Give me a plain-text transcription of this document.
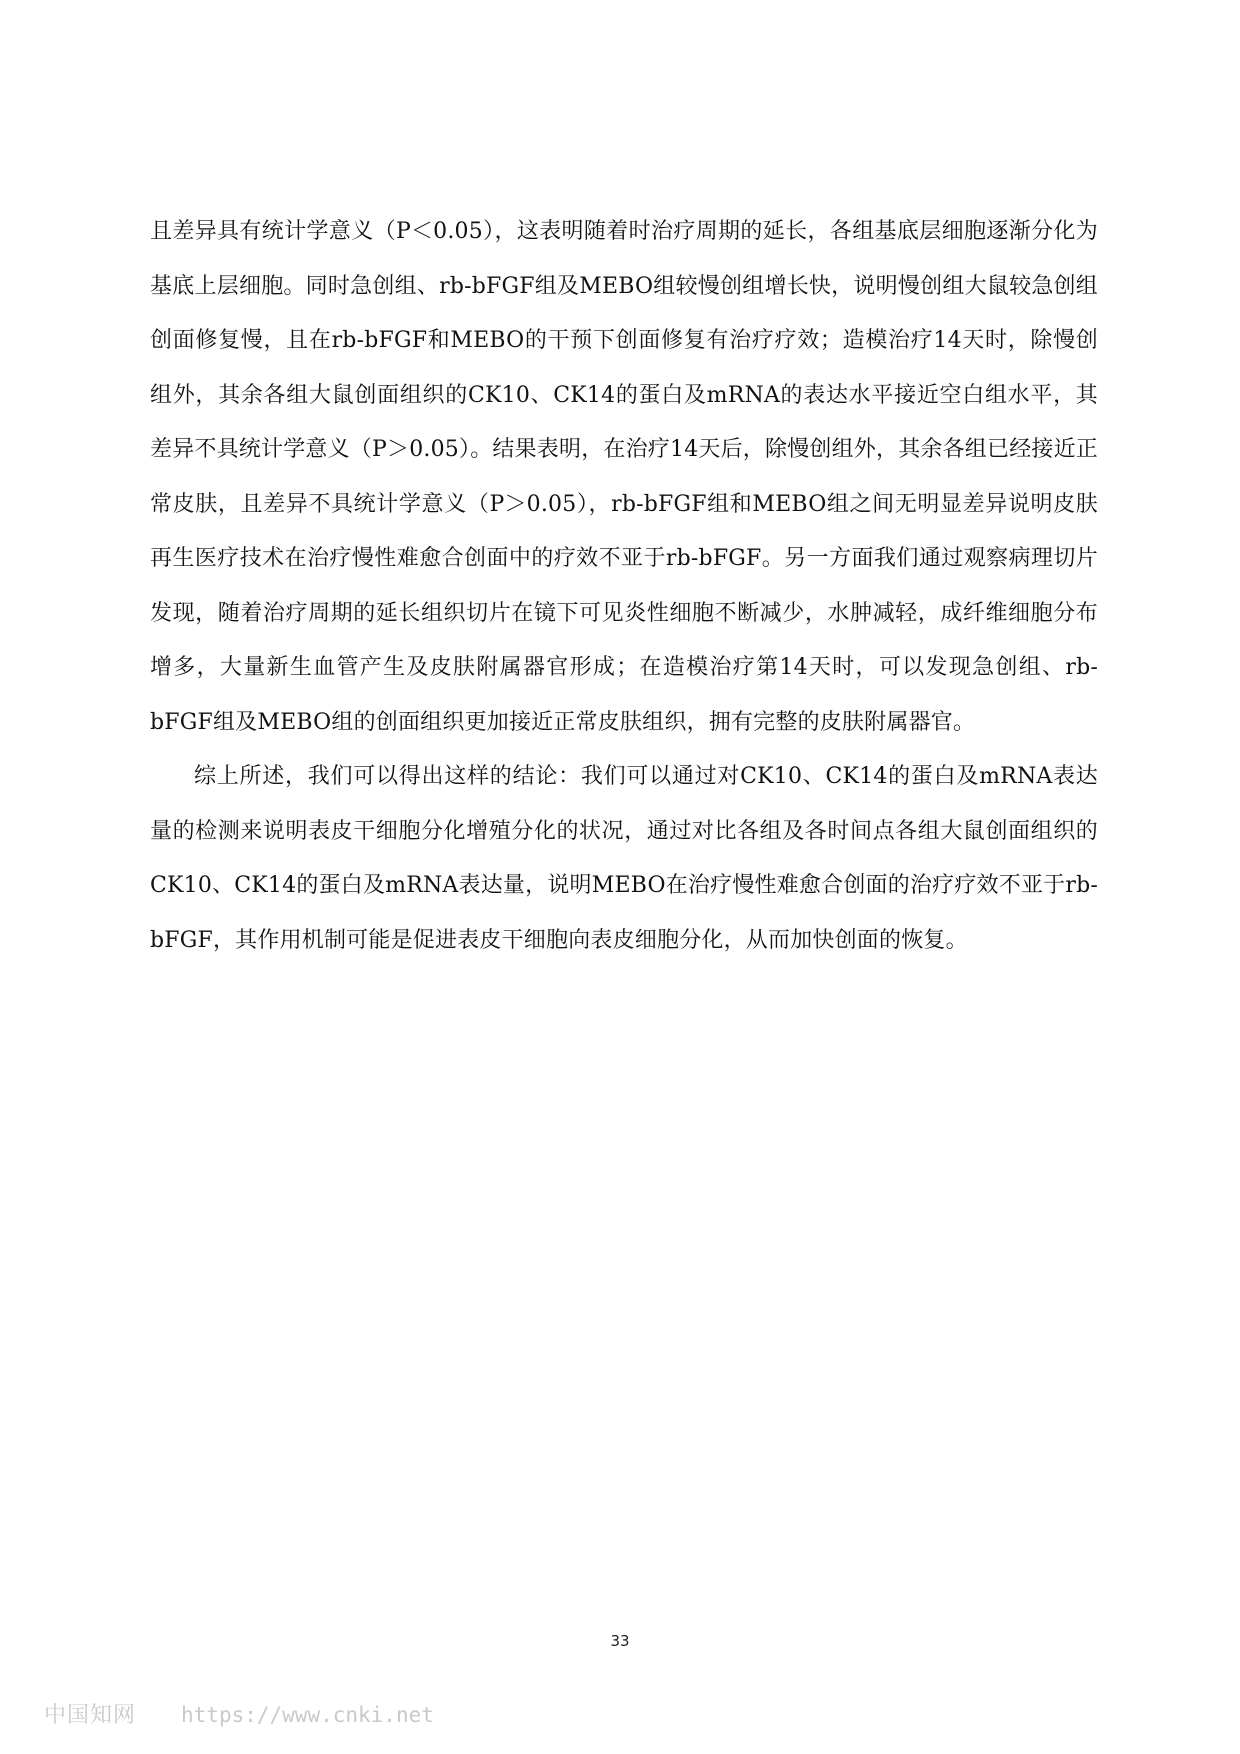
且差异具有统计学意义（P＜0.05），这表明随着时治疗周期的延长，各组基底层细胞逐渐分化为基底上层细胞。同时急创组、rb-bFGF组及MEBO组较慢创组增长快，说明慢创组大鼠较急创组创面修复慢，且在rb-bFGF和MEBO的干预下创面修复有治疗疗效；造模治疗14天时，除慢创组外，其余各组大鼠创面组织的CK10、CK14的蛋白及mRNA的表达水平接近空白组水平，其差异不具统计学意义（P＞0.05）。结果表明，在治疗14天后，除慢创组外，其余各组已经接近正常皮肤，且差异不具统计学意义（P＞0.05），rb-bFGF组和MEBO组之间无明显差异说明皮肤再生医疗技术在治疗慢性难愈合创面中的疗效不亚于rb-bFGF。另一方面我们通过观察病理切片发现，随着治疗周期的延长组织切片在镜下可见炎性细胞不断减少，水肿减轻，成纤维细胞分布增多，大量新生血管产生及皮肤附属器官形成；在造模治疗第14天时，可以发现急创组、rb-bFGF组及MEBO组的创面组织更加接近正常皮肤组织，拥有完整的皮肤附属器官。

综上所述，我们可以得出这样的结论：我们可以通过对CK10、CK14的蛋白及mRNA表达量的检测来说明表皮干细胞分化增殖分化的状况，通过对比各组及各时间点各组大鼠创面组织的CK10、CK14的蛋白及mRNA表达量，说明MEBO在治疗慢性难愈合创面的治疗疗效不亚于rb-bFGF，其作用机制可能是促进表皮干细胞向表皮细胞分化，从而加快创面的恢复。

33
中国知网 https://www.cnki.net
